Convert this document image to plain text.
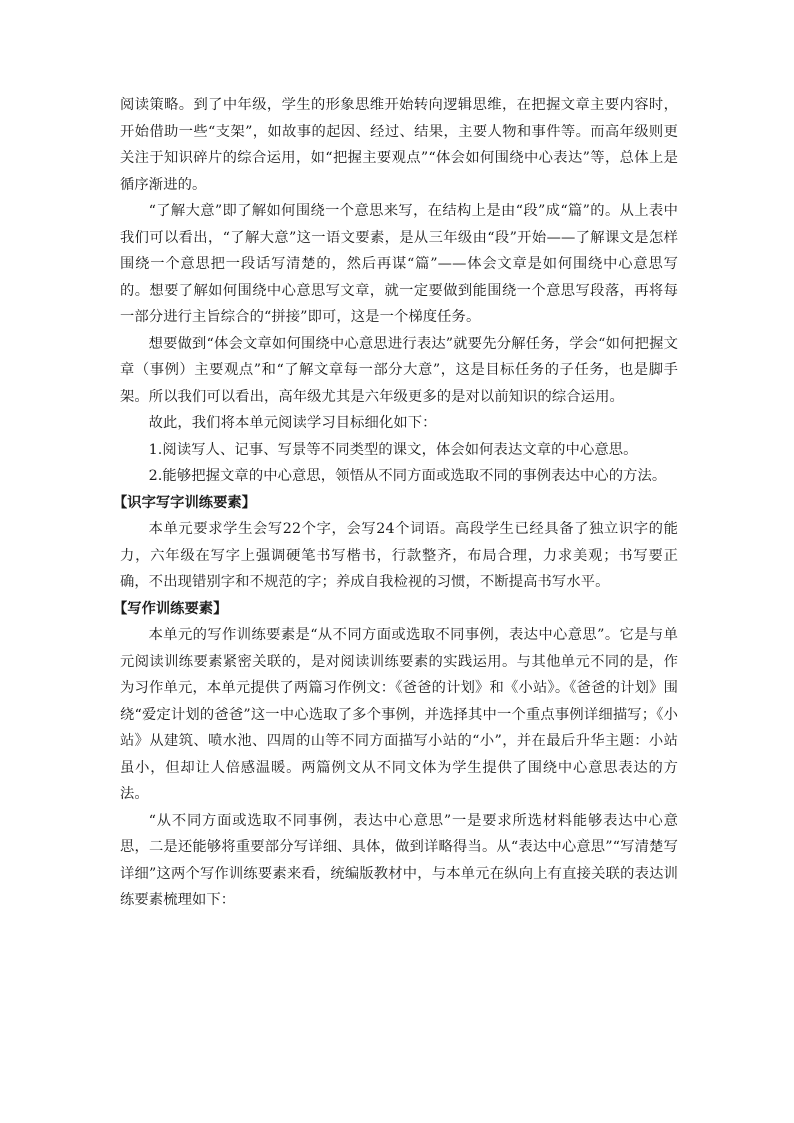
阅读策略。到了中年级，学生的形象思维开始转向逻辑思维，在把握文章主要内容时，开始借助一些“支架”，如故事的起因、经过、结果，主要人物和事件等。而高年级则更关注于知识碎片的综合运用，如“把握主要观点”“体会如何围绕中心表达”等，总体上是循序渐进的。

“了解大意”即了解如何围绕一个意思来写，在结构上是由“段”成“篇”的。从上表中我们可以看出，“了解大意”这一语文要素，是从三年级由“段”开始——了解课文是怎样围绕一个意思把一段话写清楚的，然后再谋“篇”——体会文章是如何围绕中心意思写的。想要了解如何围绕中心意思写文章，就一定要做到能围绕一个意思写段落，再将每一部分进行主旨综合的“拼接”即可，这是一个梯度任务。

想要做到“体会文章如何围绕中心意思进行表达”就要先分解任务，学会“如何把握文章（事例）主要观点”和“了解文章每一部分大意”，这是目标任务的子任务，也是脚手架。所以我们可以看出，高年级尤其是六年级更多的是对以前知识的综合运用。

故此，我们将本单元阅读学习目标细化如下：

1.阅读写人、记事、写景等不同类型的课文，体会如何表达文章的中心意思。

2.能够把握文章的中心意思，领悟从不同方面或选取不同的事例表达中心的方法。

【识字写字训练要素】

本单元要求学生会写22个字，会写24个词语。高段学生已经具备了独立识字的能力，六年级在写字上强调硬笔书写楷书，行款整齐，布局合理，力求美观；书写要正确，不出现错别字和不规范的字；养成自我检视的习惯，不断提高书写水平。

【写作训练要素】

本单元的写作训练要素是“从不同方面或选取不同事例，表达中心意思”。它是与单元阅读训练要素紧密关联的，是对阅读训练要素的实践运用。与其他单元不同的是，作为习作单元，本单元提供了两篇习作例文：《爸爸的计划》和《小站》。《爸爸的计划》围绕“爱定计划的爸爸”这一中心选取了多个事例，并选择其中一个重点事例详细描写；《小站》从建筑、喷水池、四周的山等不同方面描写小站的“小”，并在最后升华主题：小站虽小，但却让人倍感温暖。两篇例文从不同文体为学生提供了围绕中心意思表达的方法。

“从不同方面或选取不同事例，表达中心意思”一是要求所选材料能够表达中心意思，二是还能够将重要部分写详细、具体，做到详略得当。从“表达中心意思”“写清楚写详细”这两个写作训练要素来看，统编版教材中，与本单元在纵向上有直接关联的表达训练要素梳理如下：
